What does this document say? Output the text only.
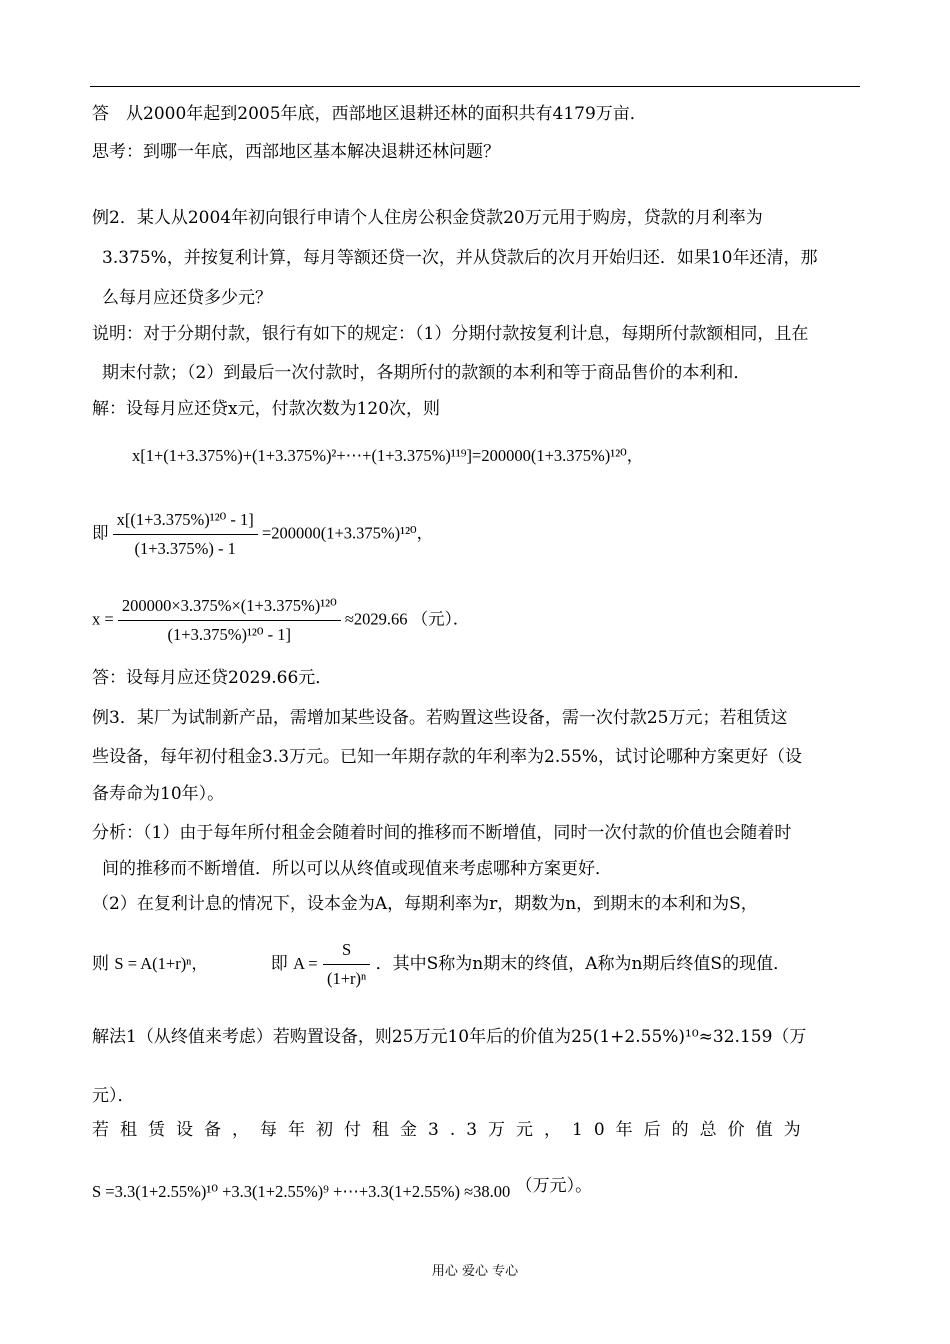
答　从2000年起到2005年底，西部地区退耕还林的面积共有4179万亩．
思考：到哪一年底，西部地区基本解决退耕还林问题？
例2．某人从2004年初向银行申请个人住房公积金贷款20万元用于购房，贷款的月利率为
3.375%，并按复利计算，每月等额还贷一次，并从贷款后的次月开始归还．如果10年还清，那
么每月应还贷多少元？
说明：对于分期付款，银行有如下的规定：（1）分期付款按复利计息，每期所付款额相同，且在
期末付款；（2）到最后一次付款时，各期所付的款额的本利和等于商品售价的本利和．
解：设每月应还贷x元，付款次数为120次，则
x[1+(1+3.375%)+(1+3.375%)²+⋯+(1+3.375%)¹¹⁹]=200000(1+3.375%)¹²⁰，
即 $\frac{\text{x[(1+3.375\%)¹²⁰ - 1]}}{(1+3.375\%) - 1} =200000(1+3.375\%)^{120}$，
$x = \frac{\text{200000×3.375\%×(1+3.375\%)¹²⁰}}{\text{(1+3.375\%)¹²⁰ - 1]}} \approx 2029.66$ （元）．
答：设每月应还贷2029.66元．
例3．某厂为试制新产品，需增加某些设备。若购置这些设备，需一次付款25万元；若租赁这
些设备，每年初付租金3.3万元。已知一年期存款的年利率为2.55%，试讨论哪种方案更好（设
备寿命为10年）。
分析：（1）由于每年所付租金会随着时间的推移而不断增值，同时一次付款的价值也会随着时
间的推移而不断增值．所以可以从终值或现值来考虑哪种方案更好．
（2）在复利计息的情况下，设本金为A，每期利率为r，期数为n，到期末的本利和为S，
则 S = A(1+r)ⁿ，	即 $A = \frac{S}{\text{(1+r)ⁿ}}$ ．其中S称为n期末的终值，A称为n期后终值S的现值．
解法1（从终值来考虑）若购置设备，则25万元10年后的价值为25(1+2.55%)¹⁰≈32.159（万
元）．
若租赁设备，每年初付租金3.3万元，10年后的总价值为
S =3.3(1+2.55%)¹⁰ +3.3(1+2.55%)⁹ +⋯+3.3(1+2.55%) ≈38.00 （万元）。
用心 爱心 专心
